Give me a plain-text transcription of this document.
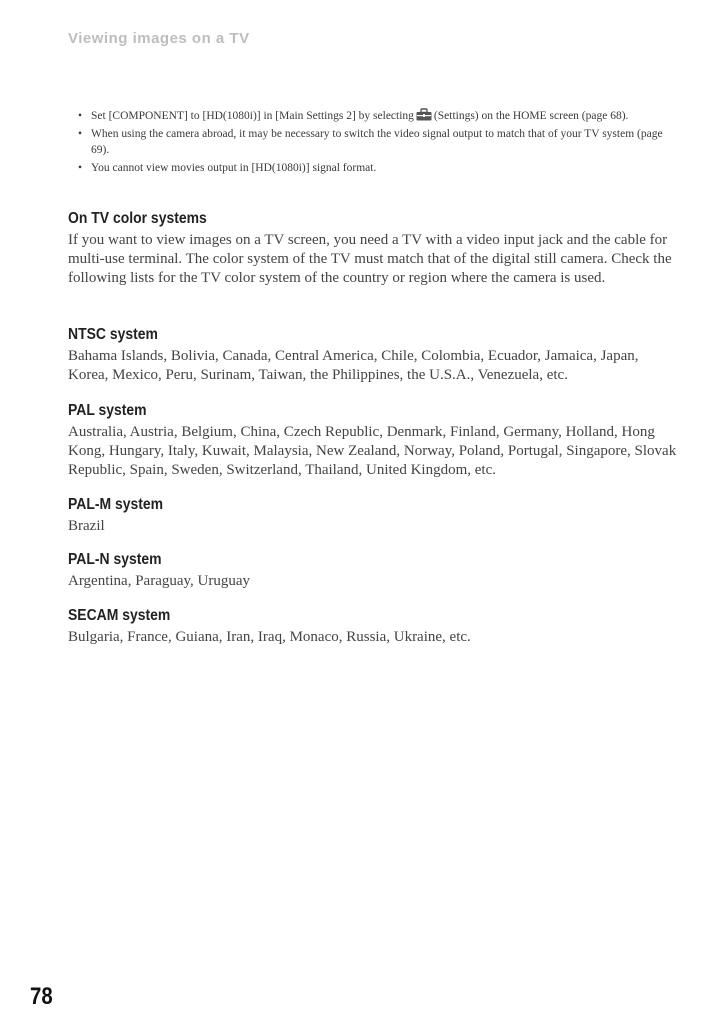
Viewing images on a TV
• Set [COMPONENT] to [HD(1080i)] in [Main Settings 2] by selecting (Settings) on the HOME screen (page 68).
• When using the camera abroad, it may be necessary to switch the video signal output to match that of your TV system (page 69).
• You cannot view movies output in [HD(1080i)] signal format.
On TV color systems

If you want to view images on a TV screen, you need a TV with a video input jack and the cable for multi-use terminal. The color system of the TV must match that of the digital still camera. Check the following lists for the TV color system of the country or region where the camera is used.

NTSC system

Bahama Islands, Bolivia, Canada, Central America, Chile, Colombia, Ecuador, Jamaica, Japan, Korea, Mexico, Peru, Surinam, Taiwan, the Philippines, the U.S.A., Venezuela, etc.

PAL system

Australia, Austria, Belgium, China, Czech Republic, Denmark, Finland, Germany, Holland, Hong Kong, Hungary, Italy, Kuwait, Malaysia, New Zealand, Norway, Poland, Portugal, Singapore, Slovak Republic, Spain, Sweden, Switzerland, Thailand, United Kingdom, etc.

PAL-M system

Brazil

PAL-N system

Argentina, Paraguay, Uruguay

SECAM system

Bulgaria, France, Guiana, Iran, Iraq, Monaco, Russia, Ukraine, etc.

78
